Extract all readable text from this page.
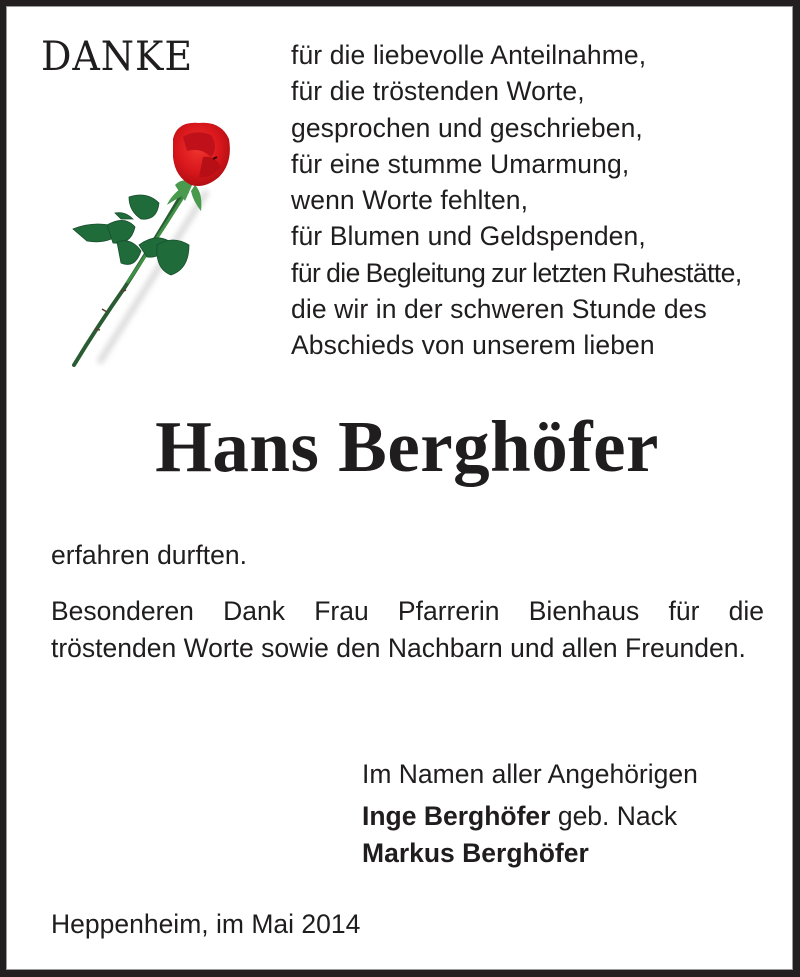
DANKE	für die liebevolle Anteilnahme,
für die tröstenden Worte,
gesprochen und geschrieben,
für eine stumme Umarmung,
wenn Worte fehlten,
für Blumen und Geldspenden,
für die Begleitung zur letzten Ruhestätte,
die wir in der schweren Stunde des
Abschieds von unserem lieben
Hans Berghöfer

erfahren durften.

Besonderen Dank Frau Pfarrerin Bienhaus für die tröstenden Worte sowie den Nachbarn und allen Freunden.

Im Namen aller Angehörigen

Inge Berghöfer geb. Nack

Markus Berghöfer

Heppenheim, im Mai 2014
